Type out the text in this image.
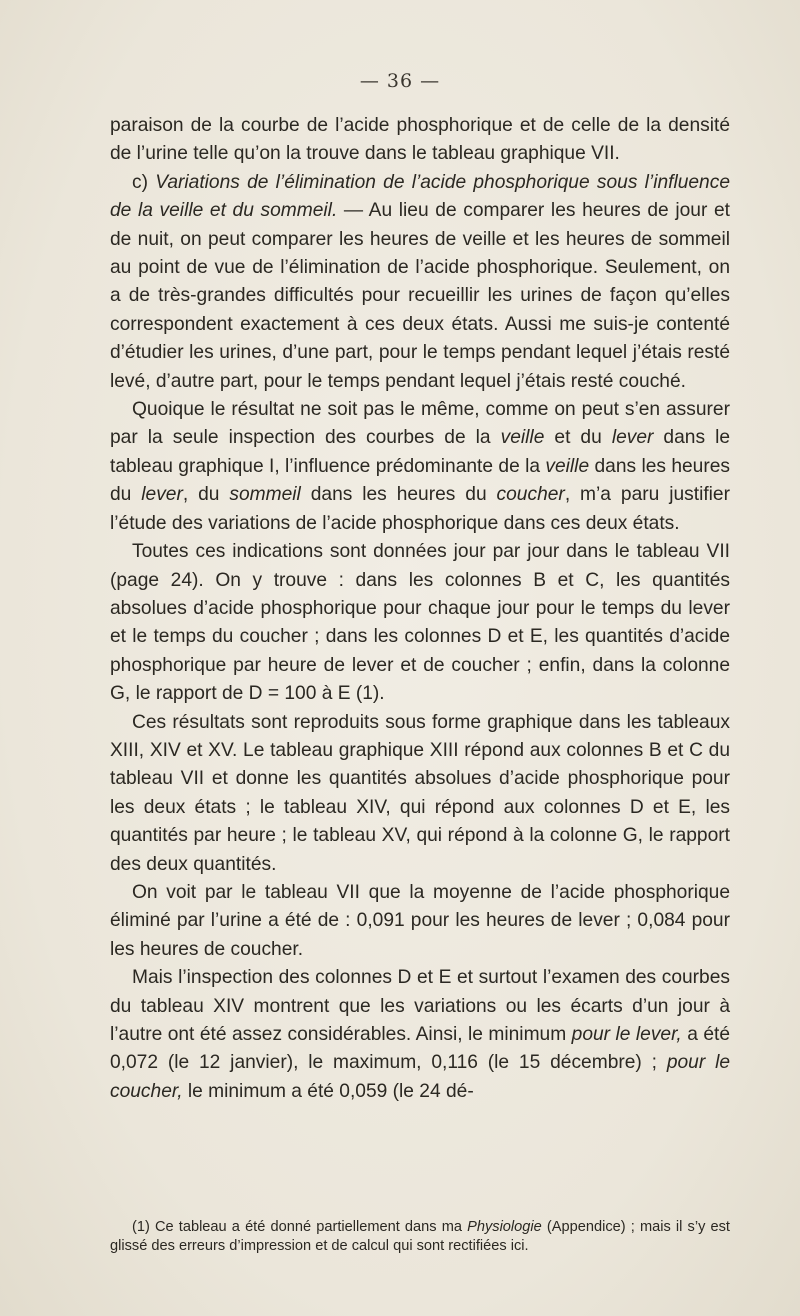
— 36 —

paraison de la courbe de l’acide phosphorique et de celle de la densité de l’urine telle qu’on la trouve dans le tableau graphique VII.

c) Variations de l’élimination de l’acide phosphorique sous l’influence de la veille et du sommeil. — Au lieu de comparer les heures de jour et de nuit, on peut comparer les heures de veille et les heures de sommeil au point de vue de l’élimination de l’acide phosphorique. Seulement, on a de très-grandes difficultés pour recueillir les urines de façon qu’elles correspondent exactement à ces deux états. Aussi me suis-je contenté d’étudier les urines, d’une part, pour le temps pendant lequel j’étais resté levé, d’autre part, pour le temps pendant lequel j’étais resté couché.

Quoique le résultat ne soit pas le même, comme on peut s’en assurer par la seule inspection des courbes de la veille et du lever dans le tableau graphique I, l’influence prédominante de la veille dans les heures du lever, du sommeil dans les heures du coucher, m’a paru justifier l’étude des variations de l’acide phosphorique dans ces deux états.

Toutes ces indications sont données jour par jour dans le tableau VII (page 24). On y trouve : dans les colonnes B et C, les quantités absolues d’acide phosphorique pour chaque jour pour le temps du lever et le temps du coucher ; dans les colonnes D et E, les quantités d’acide phosphorique par heure de lever et de coucher ; enfin, dans la colonne G, le rapport de D = 100 à E (1).

Ces résultats sont reproduits sous forme graphique dans les tableaux XIII, XIV et XV. Le tableau graphique XIII répond aux colonnes B et C du tableau VII et donne les quantités absolues d’acide phosphorique pour les deux états ; le tableau XIV, qui répond aux colonnes D et E, les quantités par heure ; le tableau XV, qui répond à la colonne G, le rapport des deux quantités.

On voit par le tableau VII que la moyenne de l’acide phosphorique éliminé par l’urine a été de : 0,091 pour les heures de lever ; 0,084 pour les heures de coucher.

Mais l’inspection des colonnes D et E et surtout l’examen des courbes du tableau XIV montrent que les variations ou les écarts d’un jour à l’autre ont été assez considérables. Ainsi, le minimum pour le lever, a été 0,072 (le 12 janvier), le maximum, 0,116 (le 15 décembre) ; pour le coucher, le minimum a été 0,059 (le 24 dé-

(1) Ce tableau a été donné partiellement dans ma Physiologie (Appendice) ; mais il s’y est glissé des erreurs d’impression et de calcul qui sont rectifiées ici.
